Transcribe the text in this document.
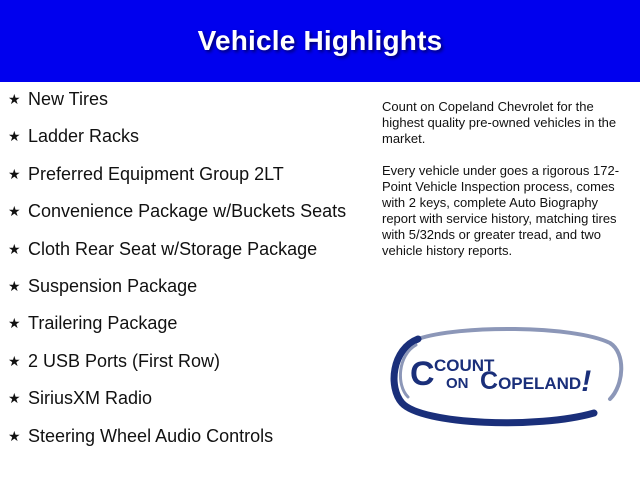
Vehicle Highlights
★ New Tires
★ Ladder Racks
★ Preferred Equipment Group 2LT
★ Convenience Package w/Buckets Seats
★ Cloth Rear Seat w/Storage Package
★ Suspension Package
★ Trailering Package
★ 2 USB Ports (First Row)
★ SiriusXM Radio
★ Steering Wheel Audio Controls

Count on Copeland Chevrolet for the highest quality pre-owned vehicles in the market.

Every vehicle under goes a rigorous 172-Point Vehicle Inspection process, comes with 2 keys, complete Auto Biography report with service history, matching tires with 5/32nds or greater tread, and two vehicle history reports.

C COUNT
ON COPELAND!
